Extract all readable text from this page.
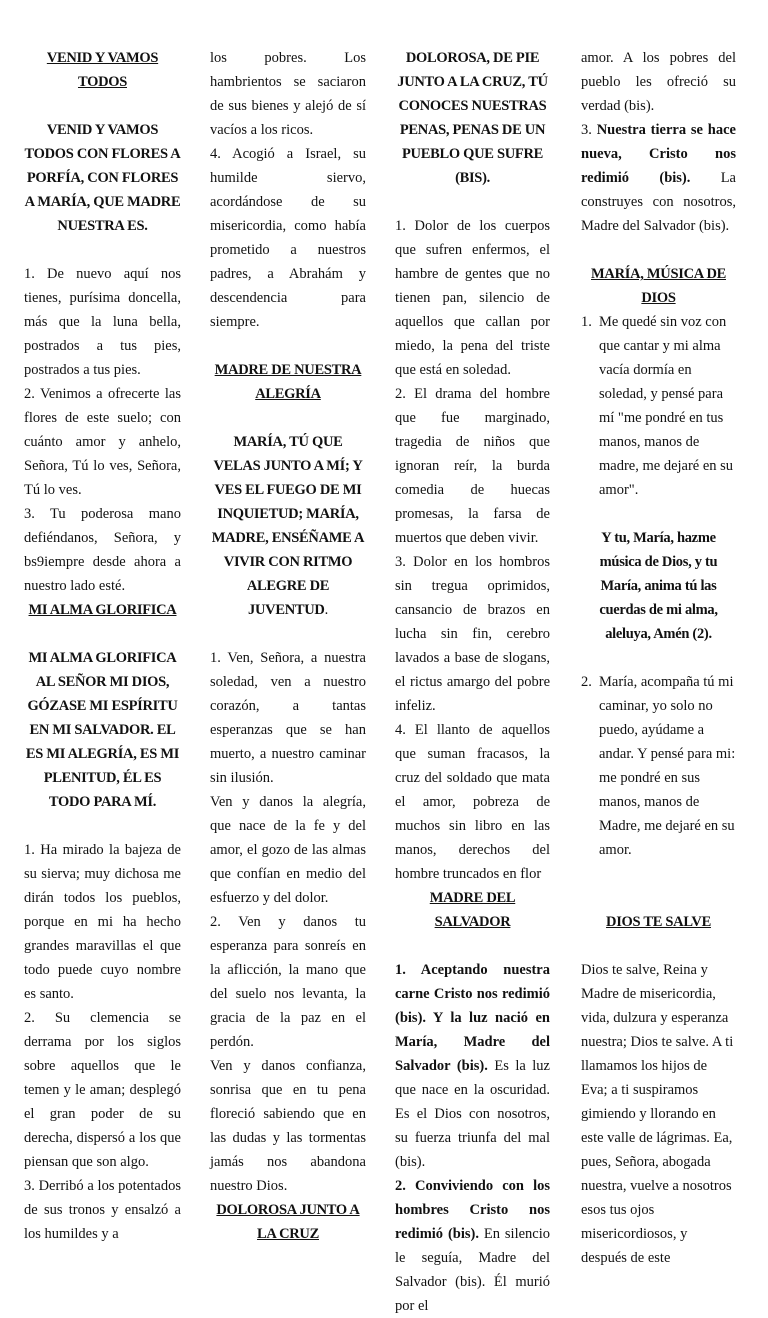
VENID Y VAMOS TODOS
VENID Y VAMOS TODOS CON FLORES A PORFÍA, CON FLORES A MARÍA, QUE MADRE NUESTRA ES.

1. De nuevo aquí nos tienes, purísima doncella, más que la luna bella, postrados a tus pies, postrados a tus pies.

2. Venimos a ofrecerte las flores de este suelo; con cuánto amor y anhelo, Señora, Tú lo ves, Señora, Tú lo ves.

3. Tu poderosa mano defiéndanos, Señora, y bs9iempre desde ahora a nuestro lado esté.

MI ALMA GLORIFICA
MI ALMA GLORIFICA AL SEÑOR MI DIOS, GÓZASE MI ESPÍRITU EN MI SALVADOR. EL ES MI ALEGRÍA, ES MI PLENITUD, ÉL ES TODO PARA MÍ.

1. Ha mirado la bajeza de su sierva; muy dichosa me dirán todos los pueblos, porque en mi ha hecho grandes maravillas el que todo puede cuyo nombre es santo.

2. Su clemencia se derrama por los siglos sobre aquellos que le temen y le aman; desplegó el gran poder de su derecha, dispersó a los que piensan que son algo.

3. Derribó a los potentados de sus tronos y ensalzó a los humildes y a

los pobres. Los hambrientos se saciaron de sus bienes y alejó de sí vacíos a los ricos.

4. Acogió a Israel, su humilde siervo, acordándose de su misericordia, como había prometido a nuestros padres, a Abrahám y descendencia para siempre.

MADRE DE NUESTRA ALEGRÍA
MARÍA, TÚ QUE VELAS JUNTO A MÍ; Y VES EL FUEGO DE MI INQUIETUD; MARÍA, MADRE, ENSÉÑAME A VIVIR CON RITMO ALEGRE DE JUVENTUD.

1. Ven, Señora, a nuestra soledad, ven a nuestro corazón, a tantas esperanzas que se han muerto, a nuestro caminar sin ilusión.

Ven y danos la alegría, que nace de la fe y del amor, el gozo de las almas que confían en medio del esfuerzo y del dolor.

2. Ven y danos tu esperanza para sonreís en la aflicción, la mano que del suelo nos levanta, la gracia de la paz en el perdón.

Ven y danos confianza, sonrisa que en tu pena floreció sabiendo que en las dudas y las tormentas jamás nos abandona nuestro Dios.

DOLOROSA JUNTO A LA CRUZ
DOLOROSA, DE PIE JUNTO A LA CRUZ, TÚ CONOCES NUESTRAS PENAS, PENAS DE UN PUEBLO QUE SUFRE (BIS).

1. Dolor de los cuerpos que sufren enfermos, el hambre de gentes que no tienen pan, silencio de aquellos que callan por miedo, la pena del triste que está en soledad.

2. El drama del hombre que fue marginado, tragedia de niños que ignoran reír, la burda comedia de huecas promesas, la farsa de muertos que deben vivir.

3. Dolor en los hombros sin tregua oprimidos, cansancio de brazos en lucha sin fin, cerebro lavados a base de slogans, el rictus amargo del pobre infeliz.

4. El llanto de aquellos que suman fracasos, la cruz del soldado que mata el amor, pobreza de muchos sin libro en las manos, derechos del hombre truncados en flor

MADRE DEL SALVADOR

1. Aceptando nuestra carne Cristo nos redimió (bis). Y la luz nació en María, Madre del Salvador (bis). Es la luz que nace en la oscuridad. Es el Dios con nosotros, su fuerza triunfa del mal (bis).

2. Conviviendo con los hombres Cristo nos redimió (bis). En silencio le seguía, Madre del Salvador (bis). Él murió por el

amor. A los pobres del pueblo les ofreció su verdad (bis).

3. Nuestra tierra se hace nueva, Cristo nos redimió (bis). La construyes con nosotros, Madre del Salvador (bis).

MARÍA, MÚSICA DE DIOS
1. Me quedé sin voz con que cantar y mi alma vacía dormía en soledad, y pensé para mí "me pondré en tus manos, manos de madre, me dejaré en su amor".
Y tu, María, hazme música de Dios, y tu María, anima tú las cuerdas de mi alma, aleluya, Amén (2).
2. María, acompaña tú mi caminar, yo solo no puedo, ayúdame a andar. Y pensé para mi: me pondré en sus manos, manos de Madre, me dejaré en su amor.
DIOS TE SALVE

Dios te salve, Reina y Madre de misericordia, vida, dulzura y esperanza nuestra; Dios te salve. A ti llamamos los hijos de Eva; a ti suspiramos gimiendo y llorando en este valle de lágrimas. Ea, pues, Señora, abogada nuestra, vuelve a nosotros esos tus ojos misericordiosos, y después de este
